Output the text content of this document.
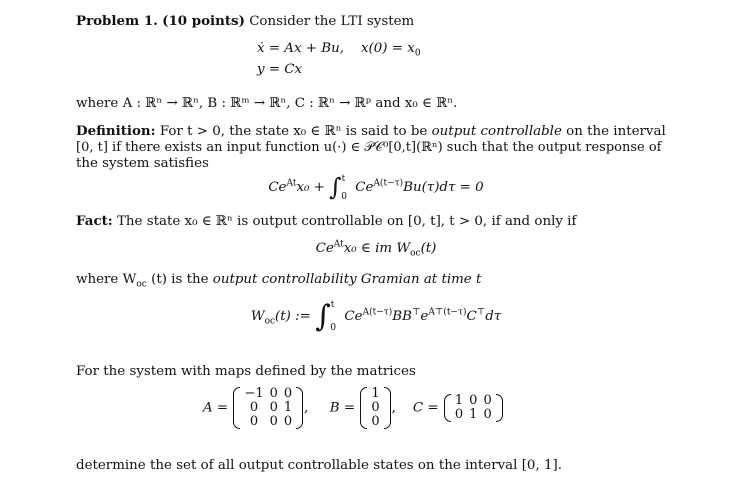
Problem 1. (10 points) Consider the LTI system
ẋ = Ax + Bu, $x(0) = x_0$
y = Cx
where A : ℝⁿ → ℝⁿ, B : ℝᵐ → ℝⁿ, C : ℝⁿ → ℝᵖ and x₀ ∈ ℝⁿ.
Definition: For t > 0, the state x₀ ∈ ℝⁿ is said to be output controllable on the interval
[0, t] if there exists an input function u(·) ∈ 𝒫𝒞⁰[0,t](ℝⁿ) such that the output response of
the system satisfies
$Ce^{At}x_0 + \int^t_0$ $Ce^{A(t-\tau)}Bu(\tau)d\tau = 0$
Fact: The state x₀ ∈ ℝⁿ is output controllable on [0, t], t > 0, if and only if
$Ce^{At}x_0$ ∈ im $W_{oc}(t)$
where $W_{oc}$ (t) is the output controllability Gramian at time t
$W_{oc}(t)$ := ∫$^t_0$ $Ce^{A(t-\tau)}BB^⊤e^{A⊤(t-\tau)}C^⊤d\tau$
For the system with maps defined by the matrices
A =
−1	0	0
0	0	1
0	0	0
, B =
1
0
0
, C = 1	0	0
0	1	0
determine the set of all output controllable states on the interval [0, 1].
